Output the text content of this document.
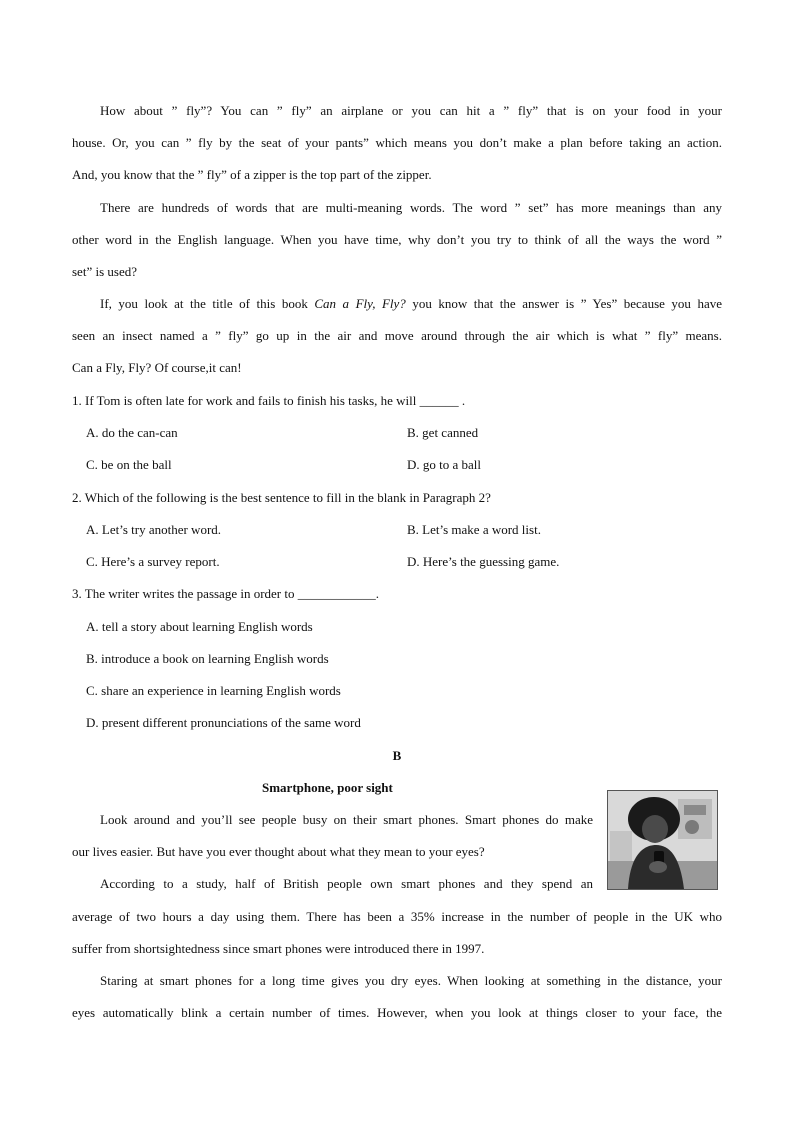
How about ” fly”? You can ” fly” an airplane or you can hit a ” fly” that is on your food in your

house. Or, you can ” fly by the seat of your pants” which means you don’t make a plan before taking an action.

And, you know that the ” fly” of a zipper is the top part of the zipper.

There are hundreds of words that are multi-meaning words. The word ” set” has more meanings than any

other word in the English language. When you have time, why don’t you try to think of all the ways the word ”

set” is used?

If, you look at the title of this book Can a Fly, Fly? you know that the answer is ” Yes” because you have

seen an insect named a ” fly” go up in the air and move around through the air which is what ” fly” means.

Can a Fly, Fly? Of course,it can!

1. If Tom is often late for work and fails to finish his tasks, he will ______ .

A. do the can-can	B. get canned

C. be on the ball	D. go to a ball

2. Which of the following is the best sentence to fill in the blank in Paragraph 2?

A. Let’s try another word.	B. Let’s make a word list.

C. Here’s a survey report.	D. Here’s the guessing game.

3. The writer writes the passage in order to ____________.

A. tell a story about learning English words

B. introduce a book on learning English words

C. share an experience in learning English words

D. present different pronunciations of the same word

B
Smartphone, poor sight

Look around and you’ll see people busy on their smart phones. Smart phones do make

our lives easier. But have you ever thought about what they mean to your eyes?

According to a study, half of British people own smart phones and they spend an

average of two hours a day using them. There has been a 35% increase in the number of people in the UK who

suffer from shortsightedness since smart phones were introduced there in 1997.

Staring at smart phones for a long time gives you dry eyes. When looking at something in the distance, your

eyes automatically blink a certain number of times. However, when you look at things closer to your face, the
